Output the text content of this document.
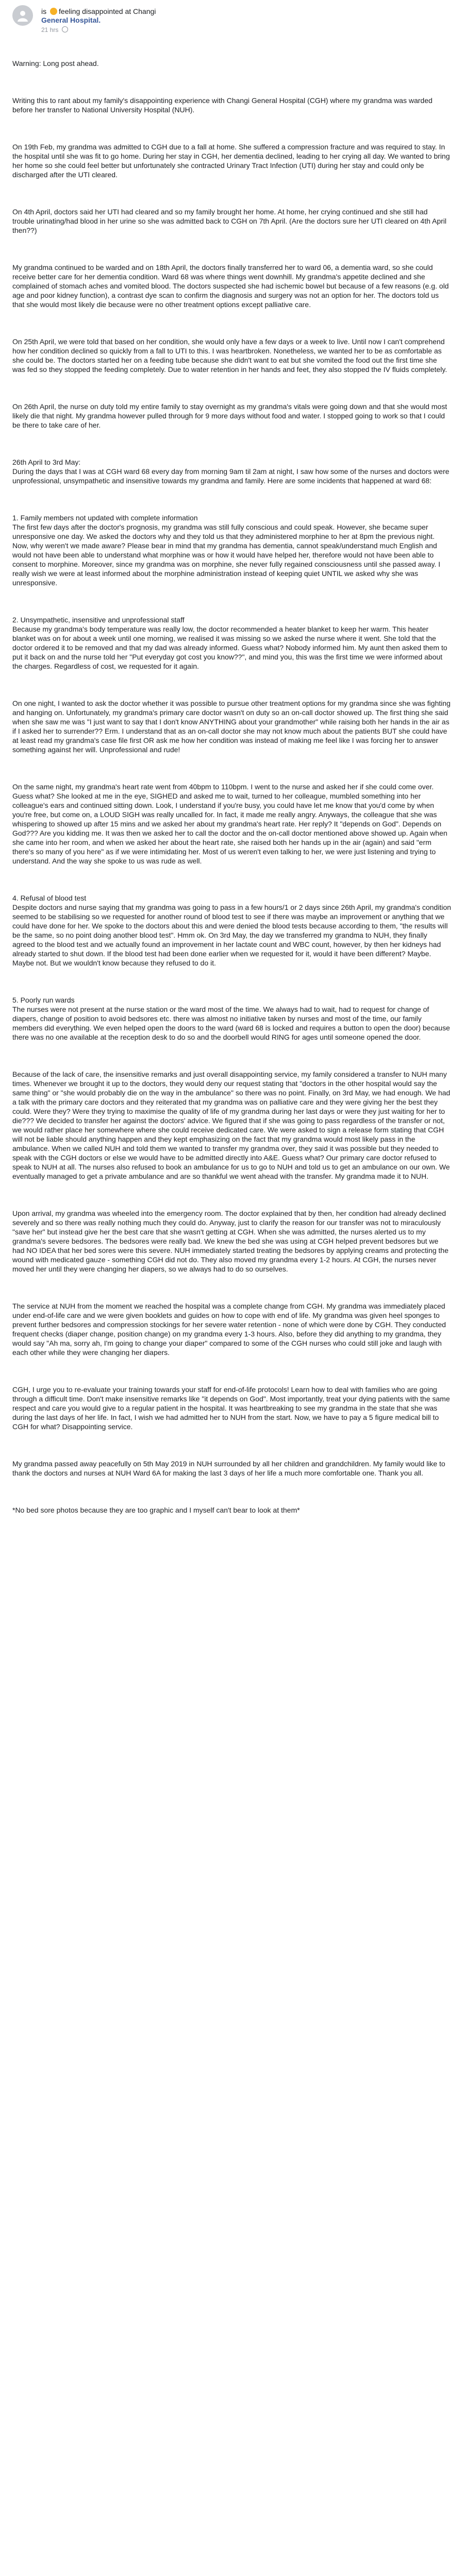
is feeling disappointed at Changi
General Hospital.
21 hrs

Warning: Long post ahead.

Writing this to rant about my family's disappointing experience with Changi General Hospital (CGH) where my grandma was warded before her transfer to National University Hospital (NUH).

On 19th Feb, my grandma was admitted to CGH due to a fall at home. She suffered a compression fracture and was required to stay. In the hospital until she was fit to go home. During her stay in CGH, her dementia declined, leading to her crying all day. We wanted to bring her home so she could feel better but unfortunately she contracted Urinary Tract Infection (UTI) during her stay and could only be discharged after the UTI cleared.

On 4th April, doctors said her UTI had cleared and so my family brought her home. At home, her crying continued and she still had trouble urinating/had blood in her urine so she was admitted back to CGH on 7th April. (Are the doctors sure her UTI cleared on 4th April then??)

My grandma continued to be warded and on 18th April, the doctors finally transferred her to ward 06, a dementia ward, so she could receive better care for her dementia condition. Ward 68 was where things went downhill. My grandma's appetite declined and she complained of stomach aches and vomited blood. The doctors suspected she had ischemic bowel but because of a few reasons (e.g. old age and poor kidney function), a contrast dye scan to confirm the diagnosis and surgery was not an option for her. The doctors told us that she would most likely die because were no other treatment options except palliative care.

On 25th April, we were told that based on her condition, she would only have a few days or a week to live. Until now I can't comprehend how her condition declined so quickly from a fall to UTI to this. I was heartbroken. Nonetheless, we wanted her to be as comfortable as she could be. The doctors started her on a feeding tube because she didn't want to eat but she vomited the food out the first time she was fed so they stopped the feeding completely. Due to water retention in her hands and feet, they also stopped the IV fluids completely.

On 26th April, the nurse on duty told my entire family to stay overnight as my grandma's vitals were going down and that she would most likely die that night. My grandma however pulled through for 9 more days without food and water. I stopped going to work so that I could be there to take care of her.

26th April to 3rd May:
During the days that I was at CGH ward 68 every day from morning 9am til 2am at night, I saw how some of the nurses and doctors were unprofessional, unsympathetic and insensitive towards my grandma and family. Here are some incidents that happened at ward 68:

1. Family members not updated with complete information
The first few days after the doctor's prognosis, my grandma was still fully conscious and could speak. However, she became super unresponsive one day. We asked the doctors why and they told us that they administered morphine to her at 8pm the previous night. Now, why weren't we made aware? Please bear in mind that my grandma has dementia, cannot speak/understand much English and would not have been able to understand what morphine was or how it would have helped her, therefore would not have been able to consent to morphine. Moreover, since my grandma was on morphine, she never fully regained consciousness until she passed away. I really wish we were at least informed about the morphine administration instead of keeping quiet UNTIL we asked why she was unresponsive.

2. Unsympathetic, insensitive and unprofessional staff
Because my grandma's body temperature was really low, the doctor recommended a heater blanket to keep her warm. This heater blanket was on for about a week until one morning, we realised it was missing so we asked the nurse where it went. She told that the doctor ordered it to be removed and that my dad was already informed. Guess what? Nobody informed him. My aunt then asked them to put it back on and the nurse told her "Put everyday got cost you know??", and mind you, this was the first time we were informed about the charges. Regardless of cost, we requested for it again.

On one night, I wanted to ask the doctor whether it was possible to pursue other treatment options for my grandma since she was fighting and hanging on. Unfortunately, my grandma's primary care doctor wasn't on duty so an on-call doctor showed up. The first thing she said when she saw me was "I just want to say that I don't know ANYTHING about your grandmother" while raising both her hands in the air as if I asked her to surrender?? Erm. I understand that as an on-call doctor she may not know much about the patients BUT she could have at least read my grandma's case file first OR ask me how her condition was instead of making me feel like I was forcing her to answer something against her will. Unprofessional and rude!

On the same night, my grandma's heart rate went from 40bpm to 110bpm. I went to the nurse and asked her if she could come over. Guess what? She looked at me in the eye, SIGHED and asked me to wait, turned to her colleague, mumbled something into her colleague's ears and continued sitting down. Look, I understand if you're busy, you could have let me know that you'd come by when you're free, but come on, a LOUD SIGH was really uncalled for. In fact, it made me really angry. Anyways, the colleague that she was whispering to showed up after 15 mins and we asked her about my grandma's heart rate. Her reply? It "depends on God". Depends on God??? Are you kidding me. It was then we asked her to call the doctor and the on-call doctor mentioned above showed up. Again when she came into her room, and when we asked her about the heart rate, she raised both her hands up in the air (again) and said "erm there's so many of you here" as if we were intimidating her. Most of us weren't even talking to her, we were just listening and trying to understand. And the way she spoke to us was rude as well.

4. Refusal of blood test
Despite doctors and nurse saying that my grandma was going to pass in a few hours/1 or 2 days since 26th April, my grandma's condition seemed to be stabilising so we requested for another round of blood test to see if there was maybe an improvement or anything that we could have done for her. We spoke to the doctors about this and were denied the blood tests because according to them, "the results will be the same, so no point doing another blood test". Hmm ok. On 3rd May, the day we transferred my grandma to NUH, they finally agreed to the blood test and we actually found an improvement in her lactate count and WBC count, however, by then her kidneys had already started to shut down. If the blood test had been done earlier when we requested for it, would it have been different? Maybe. Maybe not. But we wouldn't know because they refused to do it.

5. Poorly run wards
The nurses were not present at the nurse station or the ward most of the time. We always had to wait, had to request for change of diapers, change of position to avoid bedsores etc. there was almost no initiative taken by nurses and most of the time, our family members did everything. We even helped open the doors to the ward (ward 68 is locked and requires a button to open the door) because there was no one available at the reception desk to do so and the doorbell would RING for ages until someone opened the door.

Because of the lack of care, the insensitive remarks and just overall disappointing service, my family considered a transfer to NUH many times. Whenever we brought it up to the doctors, they would deny our request stating that "doctors in the other hospital would say the same thing" or "she would probably die on the way in the ambulance" so there was no point. Finally, on 3rd May, we had enough. We had a talk with the primary care doctors and they reiterated that my grandma was on palliative care and they were giving her the best they could. Were they? Were they trying to maximise the quality of life of my grandma during her last days or were they just waiting for her to die??? We decided to transfer her against the doctors' advice. We figured that if she was going to pass regardless of the transfer or not, we would rather place her somewhere where she could receive dedicated care. We were asked to sign a release form stating that CGH will not be liable should anything happen and they kept emphasizing on the fact that my grandma would most likely pass in the ambulance. When we called NUH and told them we wanted to transfer my grandma over, they said it was possible but they needed to speak with the CGH doctors or else we would have to be admitted directly into A&E. Guess what? Our primary care doctor refused to speak to NUH at all. The nurses also refused to book an ambulance for us to go to NUH and told us to get an ambulance on our own. We eventually managed to get a private ambulance and are so thankful we went ahead with the transfer. My grandma made it to NUH.

Upon arrival, my grandma was wheeled into the emergency room. The doctor explained that by then, her condition had already declined severely and so there was really nothing much they could do. Anyway, just to clarify the reason for our transfer was not to miraculously "save her" but instead give her the best care that she wasn't getting at CGH. When she was admitted, the nurses alerted us to my grandma's severe bedsores. The bedsores were really bad. We knew the bed she was using at CGH helped prevent bedsores but we had NO IDEA that her bed sores were this severe. NUH immediately started treating the bedsores by applying creams and protecting the wound with medicated gauze - something CGH did not do. They also moved my grandma every 1-2 hours. At CGH, the nurses never moved her until they were changing her diapers, so we always had to do so ourselves.

The service at NUH from the moment we reached the hospital was a complete change from CGH. My grandma was immediately placed under end-of-life care and we were given booklets and guides on how to cope with end of life. My grandma was given heel sponges to prevent further bedsores and compression stockings for her severe water retention - none of which were done by CGH. They conducted frequent checks (diaper change, position change) on my grandma every 1-3 hours. Also, before they did anything to my grandma, they would say "Ah ma, sorry ah, I'm going to change your diaper" compared to some of the CGH nurses who could still joke and laugh with each other while they were changing her diapers.

CGH, I urge you to re-evaluate your training towards your staff for end-of-life protocols! Learn how to deal with families who are going through a difficult time. Don't make insensitive remarks like "it depends on God". Most importantly, treat your dying patients with the same respect and care you would give to a regular patient in the hospital. It was heartbreaking to see my grandma in the state that she was during the last days of her life. In fact, I wish we had admitted her to NUH from the start. Now, we have to pay a 5 figure medical bill to CGH for what? Disappointing service.

My grandma passed away peacefully on 5th May 2019 in NUH surrounded by all her children and grandchildren. My family would like to thank the doctors and nurses at NUH Ward 6A for making the last 3 days of her life a much more comfortable one. Thank you all.

*No bed sore photos because they are too graphic and I myself can't bear to look at them*
